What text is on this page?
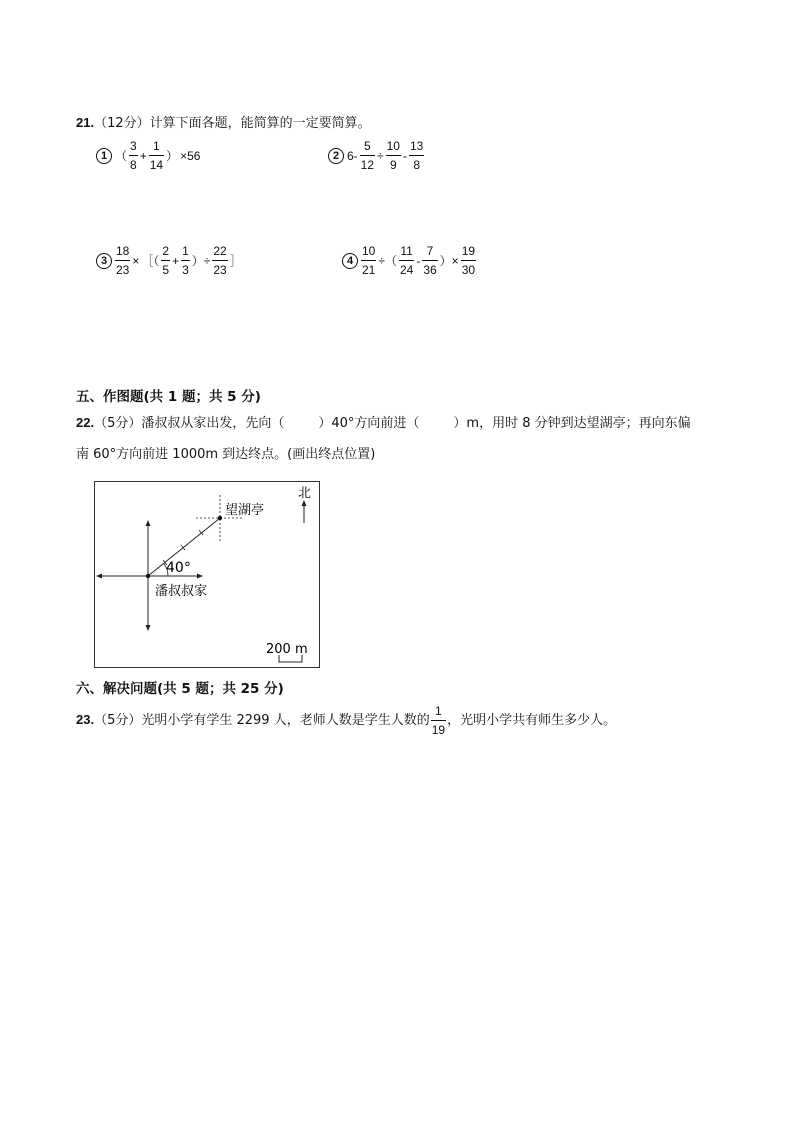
21.（12分）计算下面各题，能简算的一定要简算。
1 （ $\frac{3}{8} + \frac{1}{14}$ ） ×56	2 $6- \frac{5}{12} \div \frac{10}{9} - \frac{13}{8}$
$3 \frac{18}{23}$ × ［（ $\frac{2}{5} + \frac{1}{3}$ ）÷ $\frac{22}{23}$ ］	$4 \frac{10}{21}$ ÷（ $\frac{11}{24} - \frac{7}{36}$ ）× $\frac{19}{30}$
五、作图题(共 1 题；共 5 分)
22.（5分）潘叔叔从家出发，先向（	）40°方向前进（	）m，用时 8 分钟到达望湖亭；再向东偏
南 60°方向前进 1000m 到达终点。(画出终点位置)
北
40°
望湖亭
潘叔叔家
200 m
六、解决问题(共 5 题；共 25 分)
23.（5分）光明小学有学生 2299 人，老师人数是学生人数的 $\frac{1}{19}$ ，光明小学共有师生多少人。
